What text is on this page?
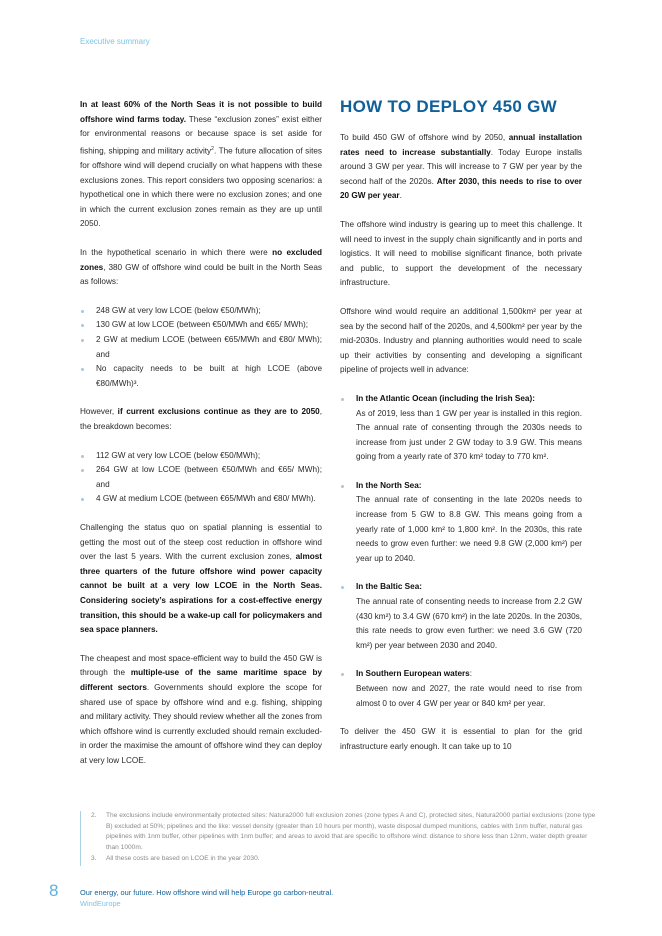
Executive summary

In at least 60% of the North Seas it is not possible to build offshore wind farms today. These “exclusion zones” exist either for environmental reasons or because space is set aside for fishing, shipping and military activity$^2$. The future allocation of sites for offshore wind will depend crucially on what happens with these exclusions zones. This report considers two opposing scenarios: a hypothetical one in which there were no exclusion zones; and one in which the current exclusion zones remain as they are up until 2050.

In the hypothetical scenario in which there were no excluded zones, 380 GW of offshore wind could be built in the North Seas as follows:

248 GW at very low LCOE (below €50/MWh);
130 GW at low LCOE (between €50/MWh and €65/ MWh);
2 GW at medium LCOE (between €65/MWh and €80/ MWh); and
No capacity needs to be built at high LCOE (above €80/MWh)³.

However, if current exclusions continue as they are to 2050, the breakdown becomes:

112 GW at very low LCOE (below €50/MWh);
264 GW at low LCOE (between €50/MWh and €65/ MWh); and
4 GW at medium LCOE (between €65/MWh and €80/ MWh).

Challenging the status quo on spatial planning is essential to getting the most out of the steep cost reduction in offshore wind over the last 5 years. With the current exclusion zones, almost three quarters of the future offshore wind power capacity cannot be built at a very low LCOE in the North Seas. Considering society’s aspirations for a cost-effective energy transition, this should be a wake-up call for policymakers and sea space planners.

The cheapest and most space-efficient way to build the 450 GW is through the multiple-use of the same maritime space by different sectors. Governments should explore the scope for shared use of space by offshore wind and e.g. fishing, shipping and military activity. They should review whether all the zones from which offshore wind is currently excluded should remain excluded- in order the maximise the amount of offshore wind they can deploy at very low LCOE.

HOW TO DEPLOY 450 GW

To build 450 GW of offshore wind by 2050, annual installation rates need to increase substantially. Today Europe installs around 3 GW per year. This will increase to 7 GW per year by the second half of the 2020s. After 2030, this needs to rise to over 20 GW per year.

The offshore wind industry is gearing up to meet this challenge. It will need to invest in the supply chain significantly and in ports and logistics. It will need to mobilise significant finance, both private and public, to support the development of the necessary infrastructure.

Offshore wind would require an additional 1,500km² per year at sea by the second half of the 2020s, and 4,500km² per year by the mid-2030s. Industry and planning authorities would need to scale up their activities by consenting and developing a significant pipeline of projects well in advance:

In the Atlantic Ocean (including the Irish Sea):
As of 2019, less than 1 GW per year is installed in this region. The annual rate of consenting through the 2030s needs to increase from just under 2 GW today to 3.9 GW. This means going from a yearly rate of 370 km² today to 770 km².
In the North Sea:
The annual rate of consenting in the late 2020s needs to increase from 5 GW to 8.8 GW. This means going from a yearly rate of 1,000 km² to 1,800 km². In the 2030s, this rate needs to grow even further: we need 9.8 GW (2,000 km²) per year up to 2040.
In the Baltic Sea:
The annual rate of consenting needs to increase from 2.2 GW (430 km²) to 3.4 GW (670 km²) in the late 2020s. In the 2030s, this rate needs to grow even further: we need 3.6 GW (720 km²) per year between 2030 and 2040.
In Southern European waters:
Between now and 2027, the rate would need to rise from almost 0 to over 4 GW per year or 840 km² per year.

To deliver the 450 GW it is essential to plan for the grid infrastructure early enough. It can take up to 10

2.	The exclusions include environmentally protected sites: Natura2000 full exclusion zones (zone types A and C), protected sites, Natura2000 partial exclusions (zone type B) excluded at 50%; pipelines and the like: vessel density (greater than 10 hours per month), waste disposal dumped munitions, cables with 1nm buffer, natural gas pipelines with 1nm buffer, other pipelines with 1nm buffer; and areas to avoid that are specific to offshore wind: distance to shore less than 12nm, water depth greater than 1000m.
3.	All these costs are based on LCOE in the year 2030.
8	Our energy, our future. How offshore wind will help Europe go carbon-neutral.
WindEurope
